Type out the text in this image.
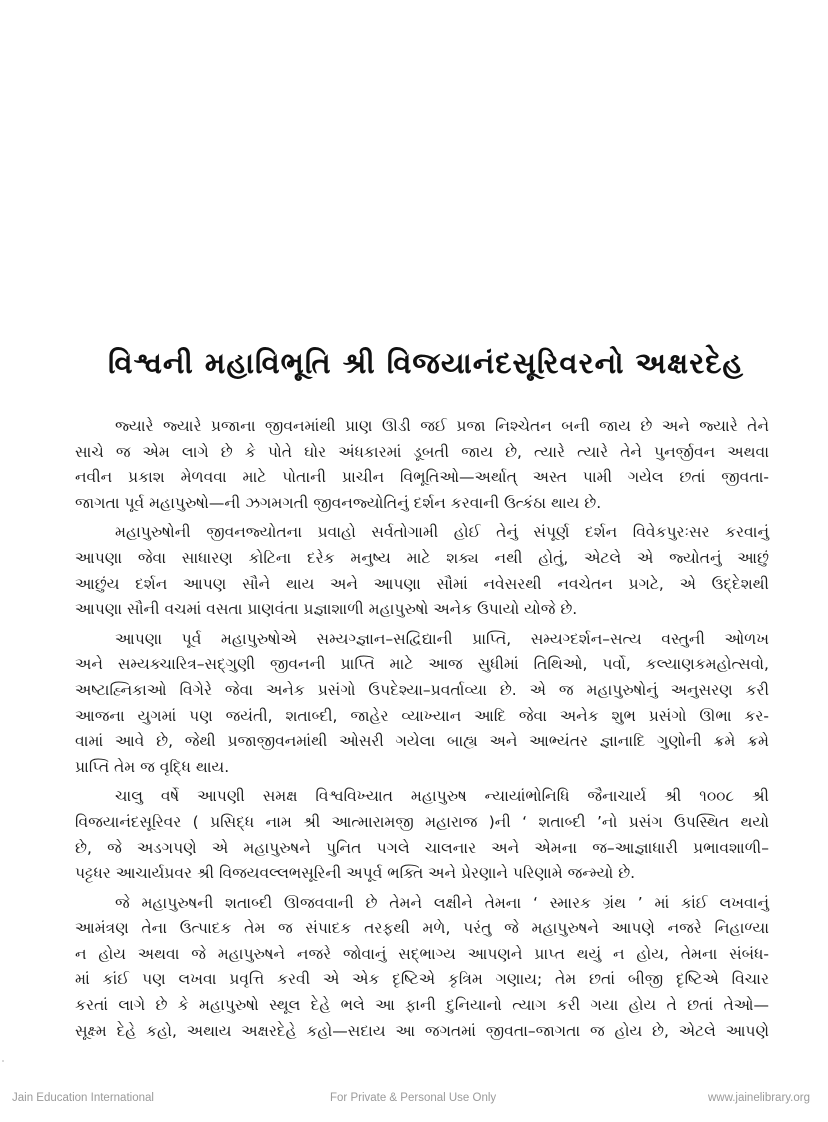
વિશ્વની મહાવિભૂતિ શ્રી વિજયાનંદસૂરિવરનો અક્ષરદેહ
જ્યારે જ્યારે પ્રજાના જીવનમાંથી પ્રાણ ઊડી જઈ પ્રજા નિશ્ચેતન બની જાય છે અને જ્યારે તેને
સાચે જ એમ લાગે છે કે પોતે ઘોર અંધકારમાં ડૂબતી જાય છે, ત્યારે ત્યારે તેને પુનર્જીવન અથવા
નવીન પ્રકાશ મેળવવા માટે પોતાની પ્રાચીન વિભૂતિઓ—અર્થાત્ અસ્ત પામી ગયેલ છતાં જીવતા-
જાગતા પૂર્વ મહાપુરુષો—ની ઝગમગતી જીવનજ્યોતિનું દર્શન કરવાની ઉત્કંઠા થાય છે.
મહાપુરુષોની જીવનજ્યોતના પ્રવાહો સર્વતોગામી હોઈ તેનું સંપૂર્ણ દર્શન વિવેકપુરઃસર કરવાનું
આપણા જેવા સાધારણ કોટિના દરેક મનુષ્ય માટે શક્ય નથી હોતું, એટલે એ જ્યોતનું આછું
આછુંય દર્શન આપણ સૌને થાય અને આપણા સૌમાં નવેસરથી નવચેતન પ્રગટે, એ ઉદ્દેશથી
આપણા સૌની વચમાં વસતા પ્રાણવંતા પ્રજ્ઞાશાળી મહાપુરુષો અનેક ઉપાયો યોજે છે.
આપણા પૂર્વ મહાપુરુષોએ સમ્યગ્જ્ઞાન–સદ્વિદ્યાની પ્રાપ્તિ, સમ્યગ્દર્શન–સત્ય વસ્તુની ઓળખ
અને સમ્યક્ચારિત્ર–સદ્ગુણી જીવનની પ્રાપ્તિ માટે આજ સુધીમાં તિથિઓ, પર્વો, કલ્યાણકમહોત્સવો,
અષ્ટાહ્નિકાઓ વિગેરે જેવા અનેક પ્રસંગો ઉપદેશ્યા–પ્રવર્તાવ્યા છે. એ જ મહાપુરુષોનું અનુસરણ કરી
આજના યુગમાં પણ જયંતી, શતાબ્દી, જાહેર વ્યાખ્યાન આદિ જેવા અનેક શુભ પ્રસંગો ઊભા કર-
વામાં આવે છે, જેથી પ્રજાજીવનમાંથી ઓસરી ગયેલા બાહ્ય અને આભ્યંતર જ્ઞાનાદિ ગુણોની ક્રમે ક્રમે
પ્રાપ્તિ તેમ જ વૃદ્ધિ થાય.
ચાલુ વર્ષે આપણી સમક્ષ વિશ્વવિખ્યાત મહાપુરુષ ન્યાયાંભોનિધિ જૈનાચાર્ય શ્રી ૧૦૦૮ શ્રી
વિજયાનંદસૂરિવર ( પ્રસિદ્ધ નામ શ્રી આત્મારામજી મહારાજ )ની ‘ શતાબ્દી ’નો પ્રસંગ ઉપસ્થિત થયો
છે, જે અડગપણે એ મહાપુરુષને પુનિત પગલે ચાલનાર અને એમના જ–આજ્ઞાધારી પ્રભાવશાળી–
પટ્ટધર આચાર્યપ્રવર શ્રી વિજયવલ્લભસૂરિની અપૂર્વ ભક્તિ અને પ્રેરણાને પરિણામે જન્મ્યો છે.
જે મહાપુરુષની શતાબ્દી ઊજવવાની છે તેમને લક્ષીને તેમના ‘ સ્મારક ગ્રંથ ’ માં કાંઈ લખવાનું
આમંત્રણ તેના ઉત્પાદક તેમ જ સંપાદક તરફથી મળે, પરંતુ જે મહાપુરુષને આપણે નજરે નિહાળ્યા
ન હોય અથવા જે મહાપુરુષને નજરે જોવાનું સદ્ભાગ્ય આપણને પ્રાપ્ત થયું ન હોય, તેમના સંબંધ-
માં કાંઈ પણ લખવા પ્રવૃત્તિ કરવી એ એક દૃષ્ટિએ કૃત્રિમ ગણાય; તેમ છતાં બીજી દૃષ્ટિએ વિચાર
કરતાં લાગે છે કે મહાપુરુષો સ્થૂલ દેહે ભલે આ ફાની દુનિયાનો ત્યાગ કરી ગયા હોય તે છતાં તેઓ—
સૂક્ષ્મ દેહે કહો, અથાય અક્ષરદેહે કહો—સદાય આ જગતમાં જીવતા–જાગતા જ હોય છે, એટલે આપણે
Jain Education International	For Private & Personal Use Only	www.jainelibrary.org
